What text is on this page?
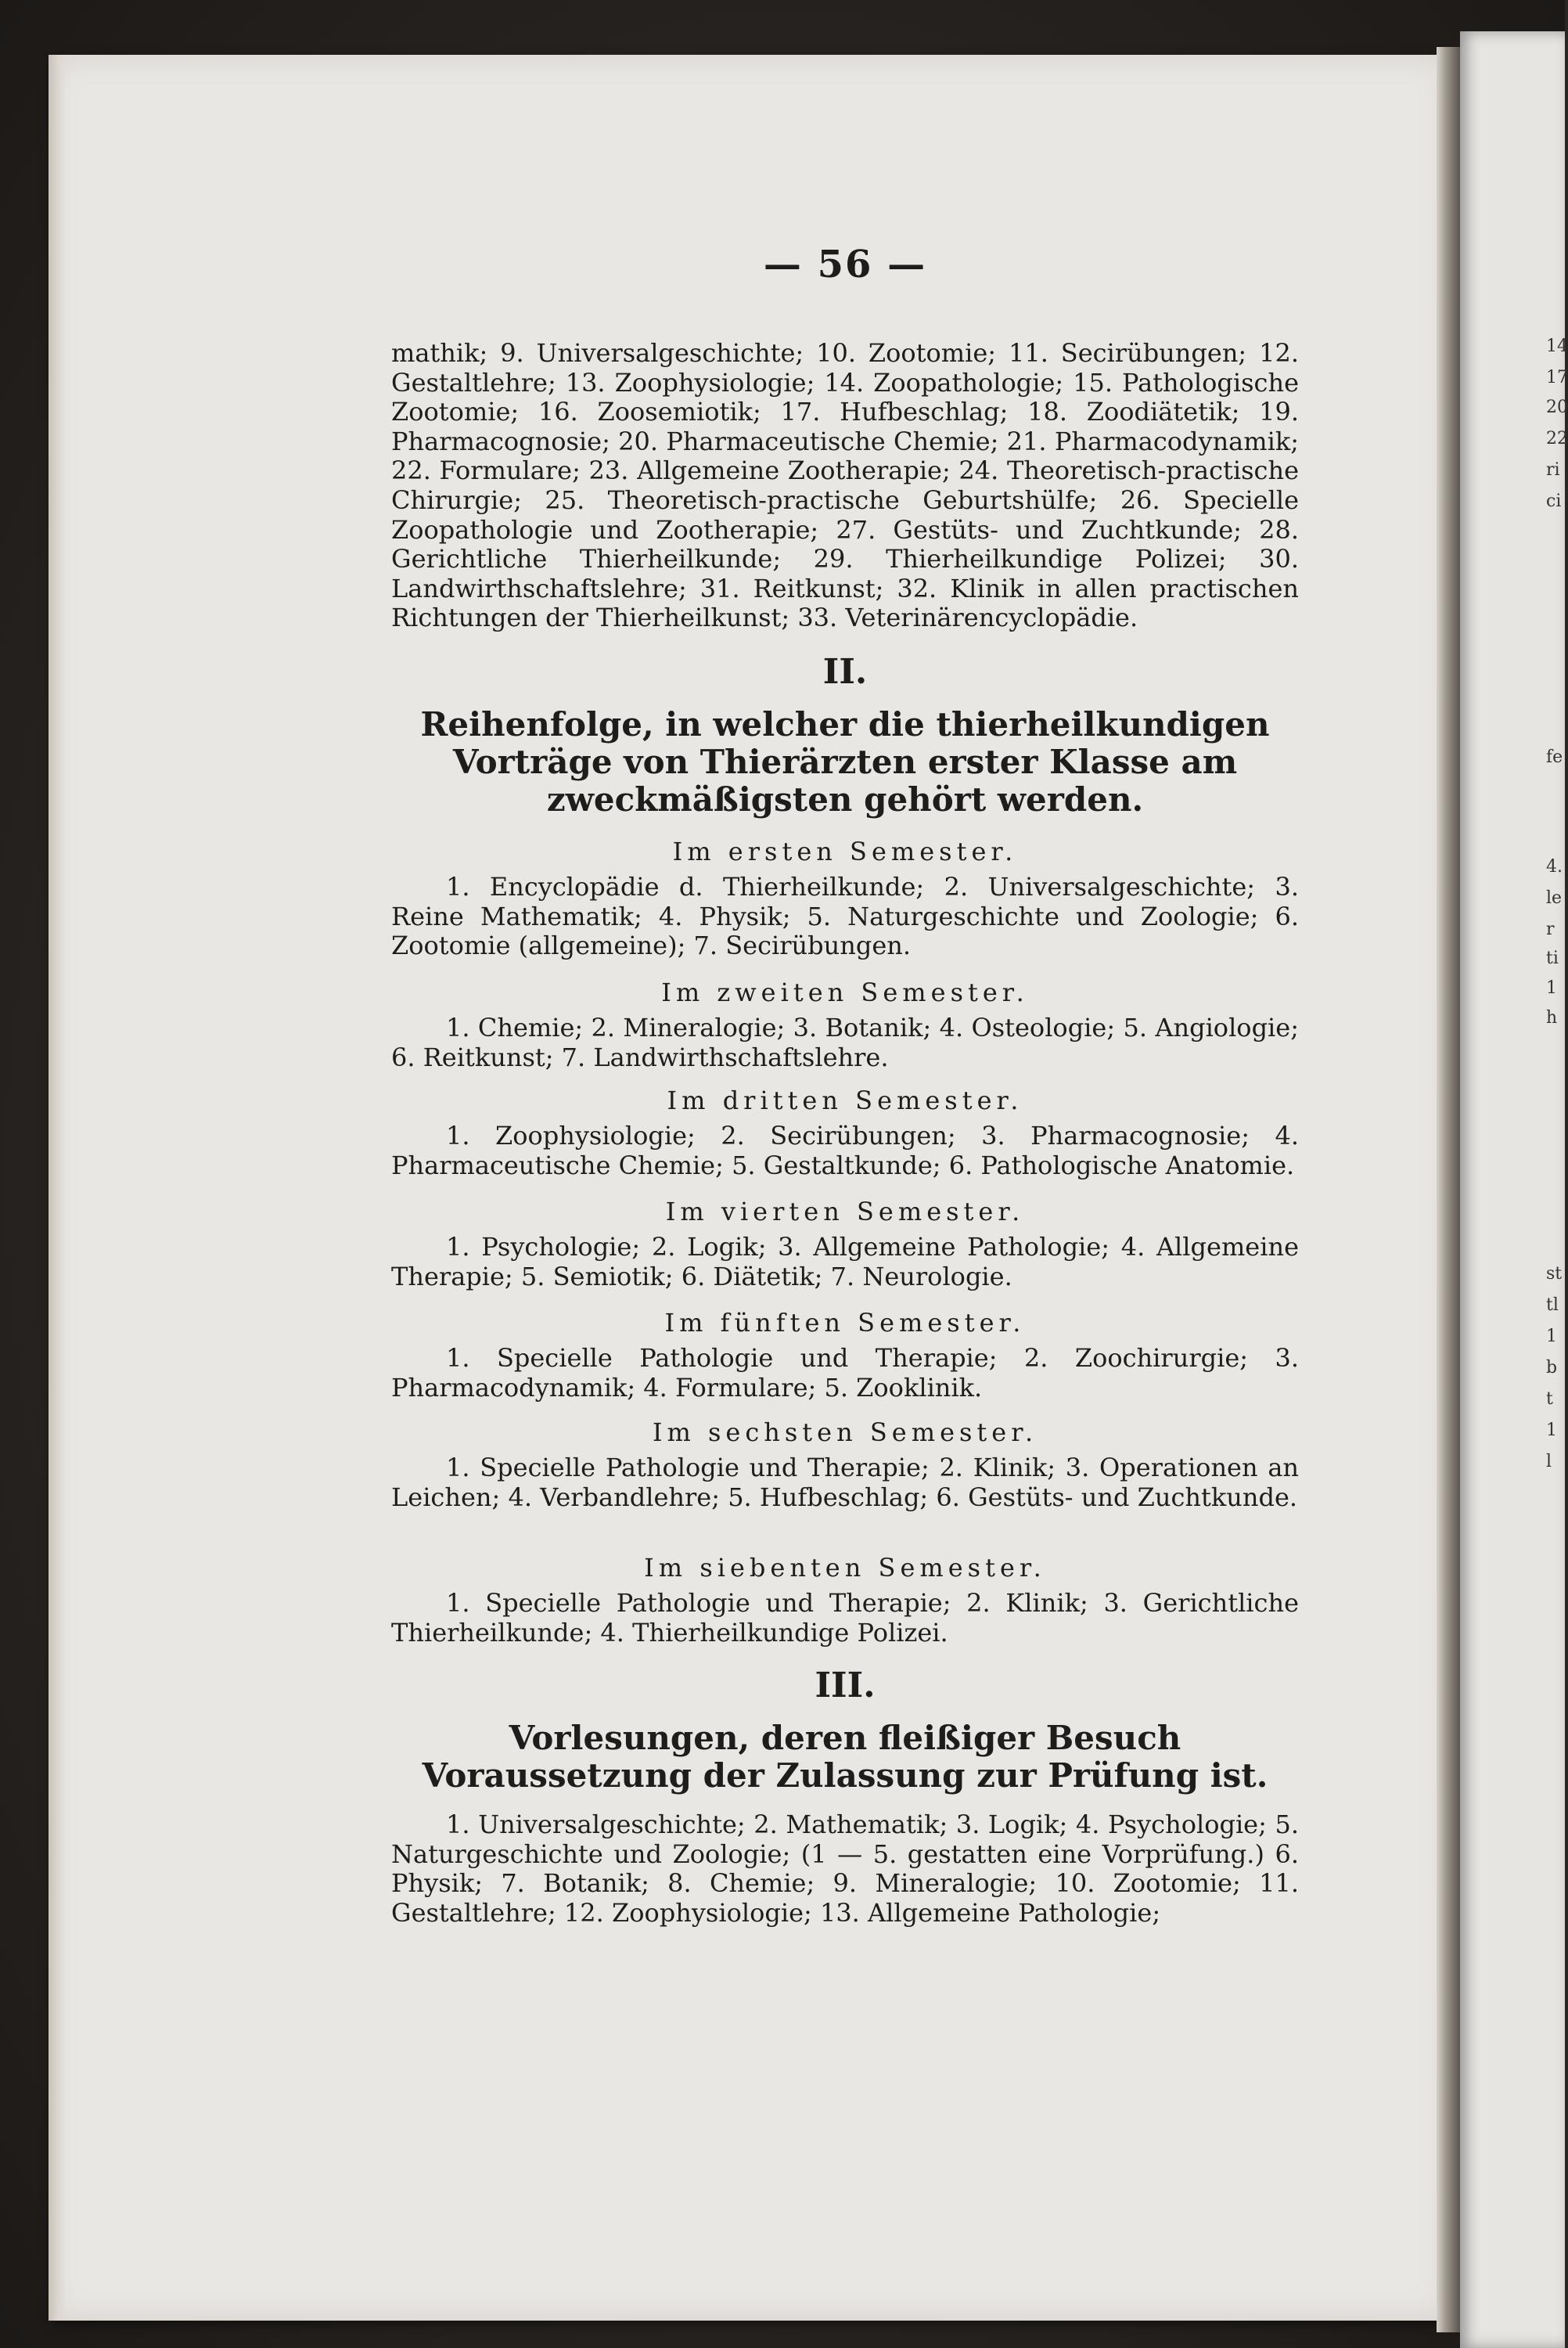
14
17
20
22
ri
ci
fe
4.
le
r
ti
1
h
st
tl
1
b
t
1
l
— 56 —

mathik; 9. Universalgeschichte; 10. Zootomie; 11. Secirübungen; 12. Gestaltlehre; 13. Zoophysiologie; 14. Zoopathologie; 15. Pathologische Zootomie; 16. Zoosemiotik; 17. Hufbeschlag; 18. Zoodiätetik; 19. Pharmacognosie; 20. Pharmaceutische Chemie; 21. Pharmacodynamik; 22. Formulare; 23. Allgemeine Zootherapie; 24. Theoretisch-practische Chirurgie; 25. Theoretisch-practische Geburtshülfe; 26. Specielle Zoopathologie und Zootherapie; 27. Gestüts- und Zuchtkunde; 28. Gerichtliche Thierheilkunde; 29. Thierheilkundige Polizei; 30. Landwirthschaftslehre; 31. Reitkunst; 32. Klinik in allen practischen Richtungen der Thierheilkunst; 33. Veterinärencyclopädie.

II.
Reihenfolge, in welcher die thierheilkundigen Vorträge von Thierärzten erster Klasse am zweckmäßigsten gehört werden.
Im ersten Semester.

1. Encyclopädie d. Thierheilkunde; 2. Universalgeschichte; 3. Reine Mathematik; 4. Physik; 5. Naturgeschichte und Zoologie; 6. Zootomie (allgemeine); 7. Secirübungen.

Im zweiten Semester.

1. Chemie; 2. Mineralogie; 3. Botanik; 4. Osteologie; 5. Angiologie; 6. Reitkunst; 7. Landwirthschaftslehre.

Im dritten Semester.

1. Zoophysiologie; 2. Secirübungen; 3. Pharmacognosie; 4. Pharmaceutische Chemie; 5. Gestaltkunde; 6. Pathologische Anatomie.

Im vierten Semester.

1. Psychologie; 2. Logik; 3. Allgemeine Pathologie; 4. Allgemeine Therapie; 5. Semiotik; 6. Diätetik; 7. Neurologie.

Im fünften Semester.

1. Specielle Pathologie und Therapie; 2. Zoochirurgie; 3. Pharmacodynamik; 4. Formulare; 5. Zooklinik.

Im sechsten Semester.

1. Specielle Pathologie und Therapie; 2. Klinik; 3. Operationen an Leichen; 4. Verbandlehre; 5. Hufbeschlag; 6. Gestüts- und Zuchtkunde.

Im siebenten Semester.

1. Specielle Pathologie und Therapie; 2. Klinik; 3. Gerichtliche Thierheilkunde; 4. Thierheilkundige Polizei.

III.
Vorlesungen, deren fleißiger Besuch Voraussetzung der Zulassung zur Prüfung ist.

1. Universalgeschichte; 2. Mathematik; 3. Logik; 4. Psychologie; 5. Naturgeschichte und Zoologie; (1 — 5. gestatten eine Vorprüfung.) 6. Physik; 7. Botanik; 8. Chemie; 9. Mineralogie; 10. Zootomie; 11. Gestaltlehre; 12. Zoophysiologie; 13. Allgemeine Pathologie;
